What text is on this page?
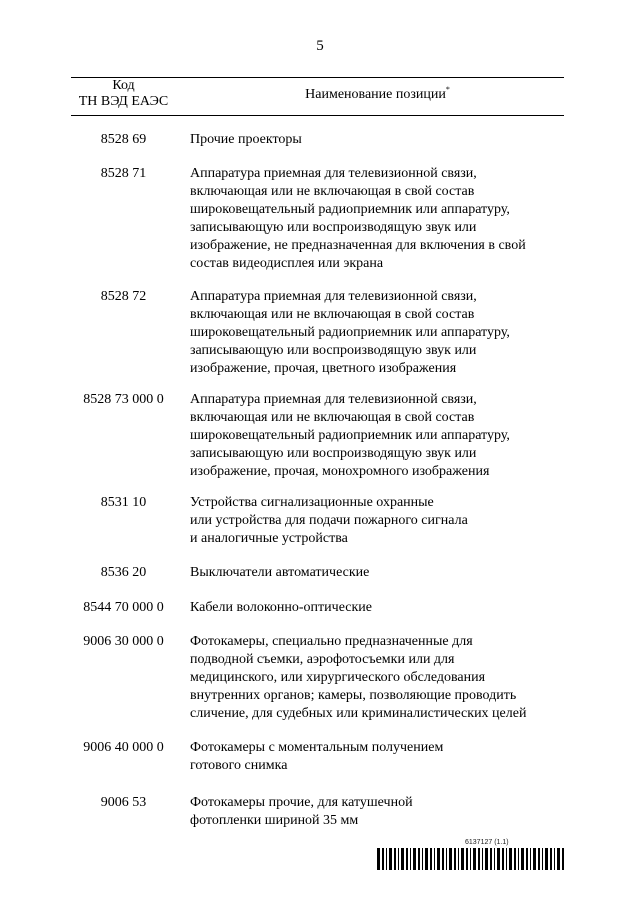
5
Код
ТН ВЭД ЕАЭС	Наименование позиции*
8528 69	Прочие проекторы
8528 71	Аппаратура приемная для телевизионной связи,
включающая или не включающая в свой состав
широковещательный радиоприемник или аппаратуру,
записывающую или воспроизводящую звук или
изображение, не предназначенная для включения в свой
состав видеодисплея или экрана
8528 72	Аппаратура приемная для телевизионной связи,
включающая или не включающая в свой состав
широковещательный радиоприемник или аппаратуру,
записывающую или воспроизводящую звук или
изображение, прочая, цветного изображения
8528 73 000 0	Аппаратура приемная для телевизионной связи,
включающая или не включающая в свой состав
широковещательный радиоприемник или аппаратуру,
записывающую или воспроизводящую звук или
изображение, прочая, монохромного изображения
8531 10	Устройства сигнализационные охранные
или устройства для подачи пожарного сигнала
и аналогичные устройства
8536 20	Выключатели автоматические
8544 70 000 0	Кабели волоконно-оптические
9006 30 000 0	Фотокамеры, специально предназначенные для
подводной съемки, аэрофотосъемки или для
медицинского, или хирургического обследования
внутренних органов; камеры, позволяющие проводить
сличение, для судебных или криминалистических целей
9006 40 000 0	Фотокамеры с моментальным получением
готового снимка
9006 53	Фотокамеры прочие, для катушечной
фотопленки шириной 35 мм
6137127 (1.1)
